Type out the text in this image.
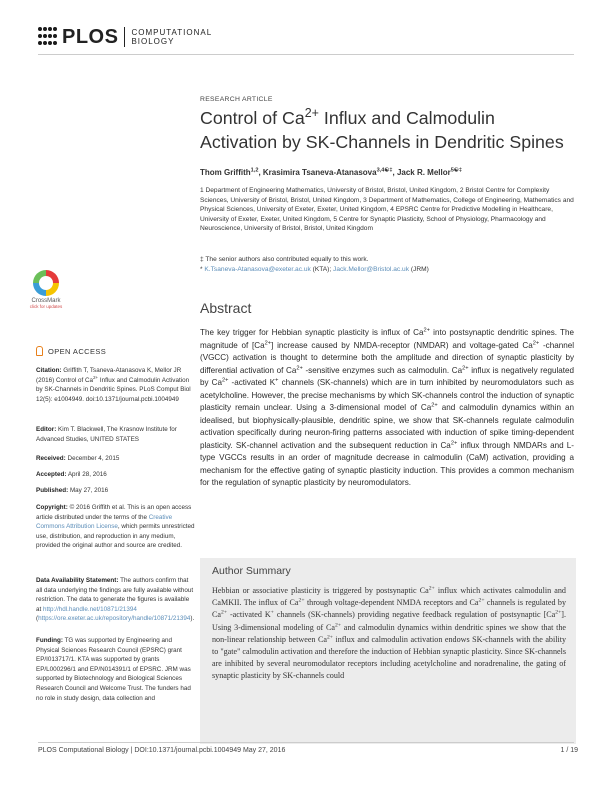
PLOS COMPUTATIONAL
BIOLOGY
CrossMark
click for updates
OPEN ACCESS
Citation: Griffith T, Tsaneva-Atanasova K, Mellor JR (2016) Control of $Ca^{2+}$ Influx and Calmodulin Activation by SK-Channels in Dendritic Spines. PLoS Comput Biol 12(5): e1004949. doi:10.1371/journal.pcbi.1004949
Editor: Kim T. Blackwell, The Krasnow Institute for Advanced Studies, UNITED STATES
Received: December 4, 2015
Accepted: April 28, 2016
Published: May 27, 2016
Copyright: © 2016 Griffith et al. This is an open access article distributed under the terms of the Creative Commons Attribution License, which permits unrestricted use, distribution, and reproduction in any medium, provided the original author and source are credited.
Data Availability Statement: The authors confirm that all data underlying the findings are fully available without restriction. The data to generate the figures is available at http://hdl.handle.net/10871/21394 (https://ore.exeter.ac.uk/repository/handle/10871/21394).
Funding: TG was supported by Engineering and Physical Sciences Research Council (EPSRC) grant EP/I013717/1. KTA was supported by grants EP/L000296/1 and EP/N014391/1 of EPSRC. JRM was supported by Biotechnology and Biological Sciences Research Council and Welcome Trust. The funders had no role in study design, data collection and
RESEARCH ARTICLE
Control of $Ca^{2+}$ Influx and Calmodulin
Activation by SK-Channels in Dendritic Spines
Thom Griffith$^{1,2}$, Krasimira Tsaneva-Atanasova$^{3,4☯\ddagger}$, Jack R. Mellor$^{5☯\ddagger}$
1 Department of Engineering Mathematics, University of Bristol, Bristol, United Kingdom, 2 Bristol Centre for Complexity Sciences, University of Bristol, Bristol, United Kingdom, 3 Department of Mathematics, College of Engineering, Mathematics and Physical Sciences, University of Exeter, Exeter, United Kingdom, 4 EPSRC Centre for Predictive Modelling in Healthcare, University of Exeter, Exeter, United Kingdom, 5 Centre for Synaptic Plasticity, School of Physiology, Pharmacology and Neuroscience, University of Bristol, Bristol, United Kingdom
‡ The senior authors also contributed equally to this work.
* K.Tsaneva-Atanasova@exeter.ac.uk (KTA); Jack.Mellor@Bristol.ac.uk (JRM)
Abstract
The key trigger for Hebbian synaptic plasticity is influx of $Ca^{2+}$ into postsynaptic dendritic spines. The magnitude of $[Ca^{2+}]$ increase caused by NMDA-receptor (NMDAR) and voltage-gated $Ca^{2+}$ -channel (VGCC) activation is thought to determine both the amplitude and direction of synaptic plasticity by differential activation of $Ca^{2+}$ -sensitive enzymes such as calmodulin. $Ca^{2+}$ influx is negatively regulated by $Ca^{2+}$ -activated K+ channels (SK-channels) which are in turn inhibited by neuromodulators such as acetylcholine. However, the precise mechanisms by which SK-channels control the induction of synaptic plasticity remain unclear. Using a 3-dimensional model of $Ca^{2+}$ and calmodulin dynamics within an idealised, but biophysically-plausible, dendritic spine, we show that SK-channels regulate calmodulin activation specifically during neuron-firing patterns associated with induction of spike timing-dependent plasticity. SK-channel activation and the subsequent reduction in $Ca^{2+}$ influx through NMDARs and L-type VGCCs results in an order of magnitude decrease in calmodulin (CaM) activation, providing a mechanism for the effective gating of synaptic plasticity induction. This provides a common mechanism for the regulation of synaptic plasticity by neuromodulators.
Author Summary
Hebbian or associative plasticity is triggered by postsynaptic $Ca^{2+}$ influx which activates calmodulin and CaMKII. The influx of $Ca^{2+}$ through voltage-dependent NMDA receptors and $Ca^{2+}$ channels is regulated by $Ca^{2+}$ -activated K+ channels (SK-channels) providing negative feedback regulation of postsynaptic $[Ca^{2+}]$. Using 3-dimensional modeling of $Ca^{2+}$ and calmodulin dynamics within dendritic spines we show that the non-linear relationship between $Ca^{2+}$ influx and calmodulin activation endows SK-channels with the ability to "gate" calmodulin activation and therefore the induction of Hebbian synaptic plasticity. Since SK-channels are inhibited by several neuromodulator receptors including acetylcholine and noradrenaline, the gating of synaptic plasticity by SK-channels could
PLOS Computational Biology | DOI:10.1371/journal.pcbi.1004949 May 27, 2016	1 / 19
